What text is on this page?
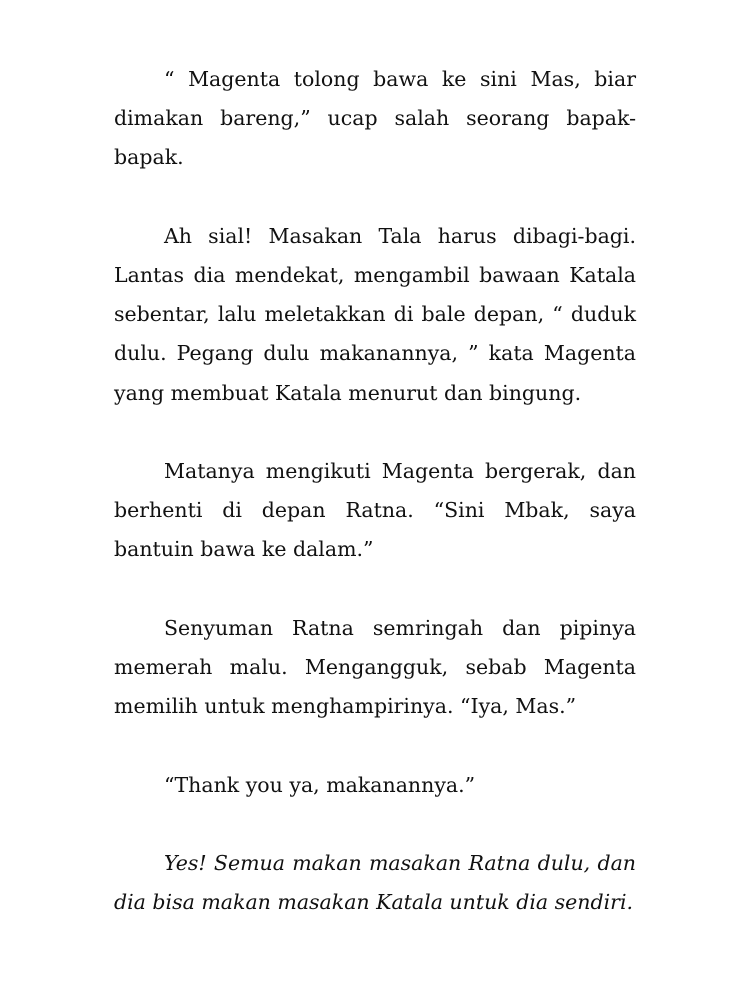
“ Magenta tolong bawa ke sini Mas, biar dimakan bareng,” ucap salah seorang bapak-bapak.

Ah sial! Masakan Tala harus dibagi-bagi. Lantas dia mendekat, mengambil bawaan Katala sebentar, lalu meletakkan di bale depan, “ duduk dulu. Pegang dulu makanannya, ” kata Magenta yang membuat Katala menurut dan bingung.

Matanya mengikuti Magenta bergerak, dan berhenti di depan Ratna. “Sini Mbak, saya bantuin bawa ke dalam.”

Senyuman Ratna semringah dan pipinya memerah malu. Mengangguk, sebab Magenta memilih untuk menghampirinya. “Iya, Mas.”

“Thank you ya, makanannya.”

Yes! Semua makan masakan Ratna dulu, dan dia bisa makan masakan Katala untuk dia sendiri.
